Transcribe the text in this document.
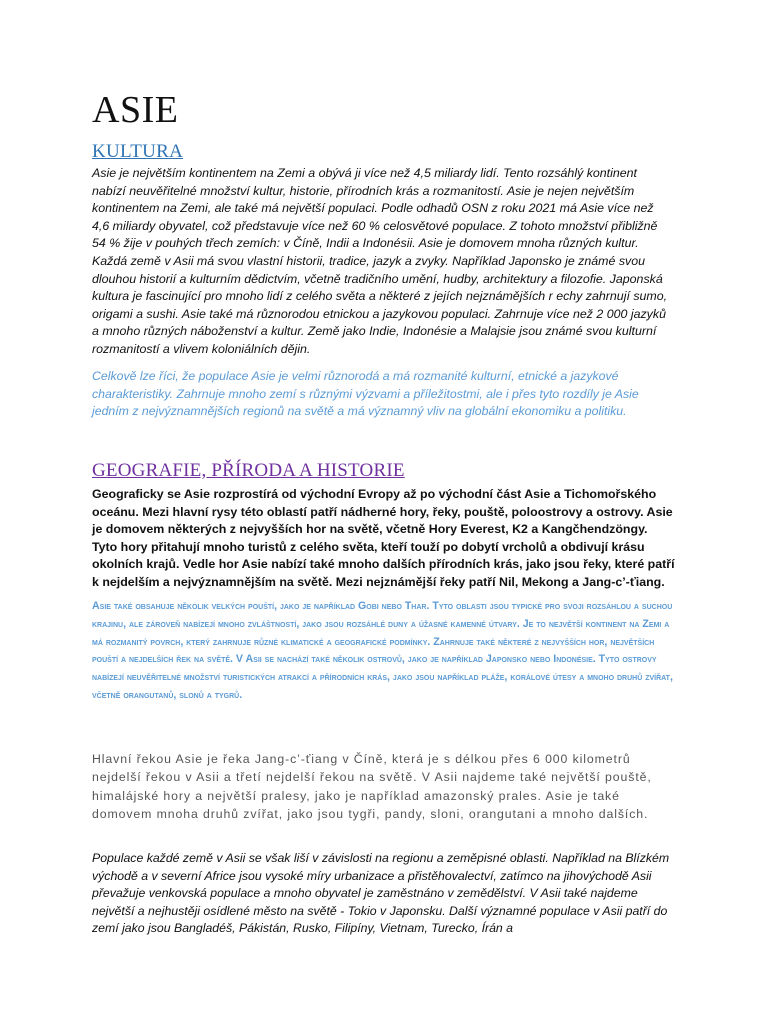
ASIE
KULTURA

Asie je největším kontinentem na Zemi a obývá ji více než 4,5 miliardy lidí. Tento rozsáhlý kontinent nabízí neuvěřitelné množství kultur, historie, přírodních krás a rozmanitostí. Asie je nejen největším kontinentem na Zemi, ale také má největší populaci. Podle odhadů OSN z roku 2021 má Asie více než 4,6 miliardy obyvatel, což představuje více než 60 % celosvětové populace. Z tohoto množství přibližně 54 % žije v pouhých třech zemích: v Číně, Indii a Indonésii. Asie je domovem mnoha různých kultur. Každá země v Asii má svou vlastní historii, tradice, jazyk a zvyky. Například Japonsko je známé svou dlouhou historií a kulturním dědictvím, včetně tradičního umění, hudby, architektury a filozofie. Japonská kultura je fascinující pro mnoho lidí z celého světa a některé z jejích nejznámějších r echy zahrnují sumo, origami a sushi. Asie také má různorodou etnickou a jazykovou populaci. Zahrnuje více než 2 000 jazyků a mnoho různých náboženství a kultur. Země jako Indie, Indonésie a Malajsie jsou známé svou kulturní rozmanitostí a vlivem koloniálních dějin.

Celkově lze říci, že populace Asie je velmi různorodá a má rozmanité kulturní, etnické a jazykové charakteristiky. Zahrnuje mnoho zemí s různými výzvami a příležitostmi, ale i přes tyto rozdíly je Asie jedním z nejvýznamnějších regionů na světě a má významný vliv na globální ekonomiku a politiku.

GEOGRAFIE, PŘÍRODA A HISTORIE

Geograficky se Asie rozprostírá od východní Evropy až po východní část Asie a Tichomořského oceánu. Mezi hlavní rysy této oblastí patří nádherné hory, řeky, pouště, poloostrovy a ostrovy. Asie je domovem některých z nejvyšších hor na světě, včetně Hory Everest, K2 a Kangčhendzöngy. Tyto hory přitahují mnoho turistů z celého světa, kteří touží po dobytí vrcholů a obdivují krásu okolních krajů. Vedle hor Asie nabízí také mnoho dalších přírodních krás, jako jsou řeky, které patří k nejdelším a nejvýznamnějším na světě. Mezi nejznámější řeky patří Nil, Mekong a Jang-c’-ťiang.

Asie také obsahuje několik velkých pouští, jako je například Gobi nebo Thar. Tyto oblasti jsou typické pro svoji rozsáhlou a suchou krajinu, ale zároveň nabízejí mnoho zvláštností, jako jsou rozsáhlé duny a úžasné kamenné útvary. Je to největší kontinent na Zemi a má rozmanitý povrch, který zahrnuje různé klimatické a geografické podmínky. Zahrnuje také některé z nejvyšších hor, největších pouští a nejdelších řek na světě. V Asii se nachází také několik ostrovů, jako je například Japonsko nebo Indonésie. Tyto ostrovy nabízejí neuvěřitelné množství turistických atrakcí a přírodních krás, jako jsou například pláže, korálové útesy a mnoho druhů zvířat, včetně orangutanů, slonů a tygrů.

Hlavní řekou Asie je řeka Jang-c’-ťiang v Číně, která je s délkou přes 6 000 kilometrů nejdelší řekou v Asii a třetí nejdelší řekou na světě. V Asii najdeme také největší pouště, himalájské hory a největší pralesy, jako je například amazonský prales. Asie je také domovem mnoha druhů zvířat, jako jsou tygři, pandy, sloni, orangutani a mnoho dalších.

Populace každé země v Asii se však liší v závislosti na regionu a zeměpisné oblasti. Například na Blízkém východě a v severní Africe jsou vysoké míry urbanizace a přistěhovalectví, zatímco na jihovýchodě Asii převažuje venkovská populace a mnoho obyvatel je zaměstnáno v zemědělství. V Asii také najdeme největší a nejhustěji osídlené město na světě - Tokio v Japonsku. Další významné populace v Asii patří do zemí jako jsou Bangladéš, Pákistán, Rusko, Filipíny, Vietnam, Turecko, Írán a
